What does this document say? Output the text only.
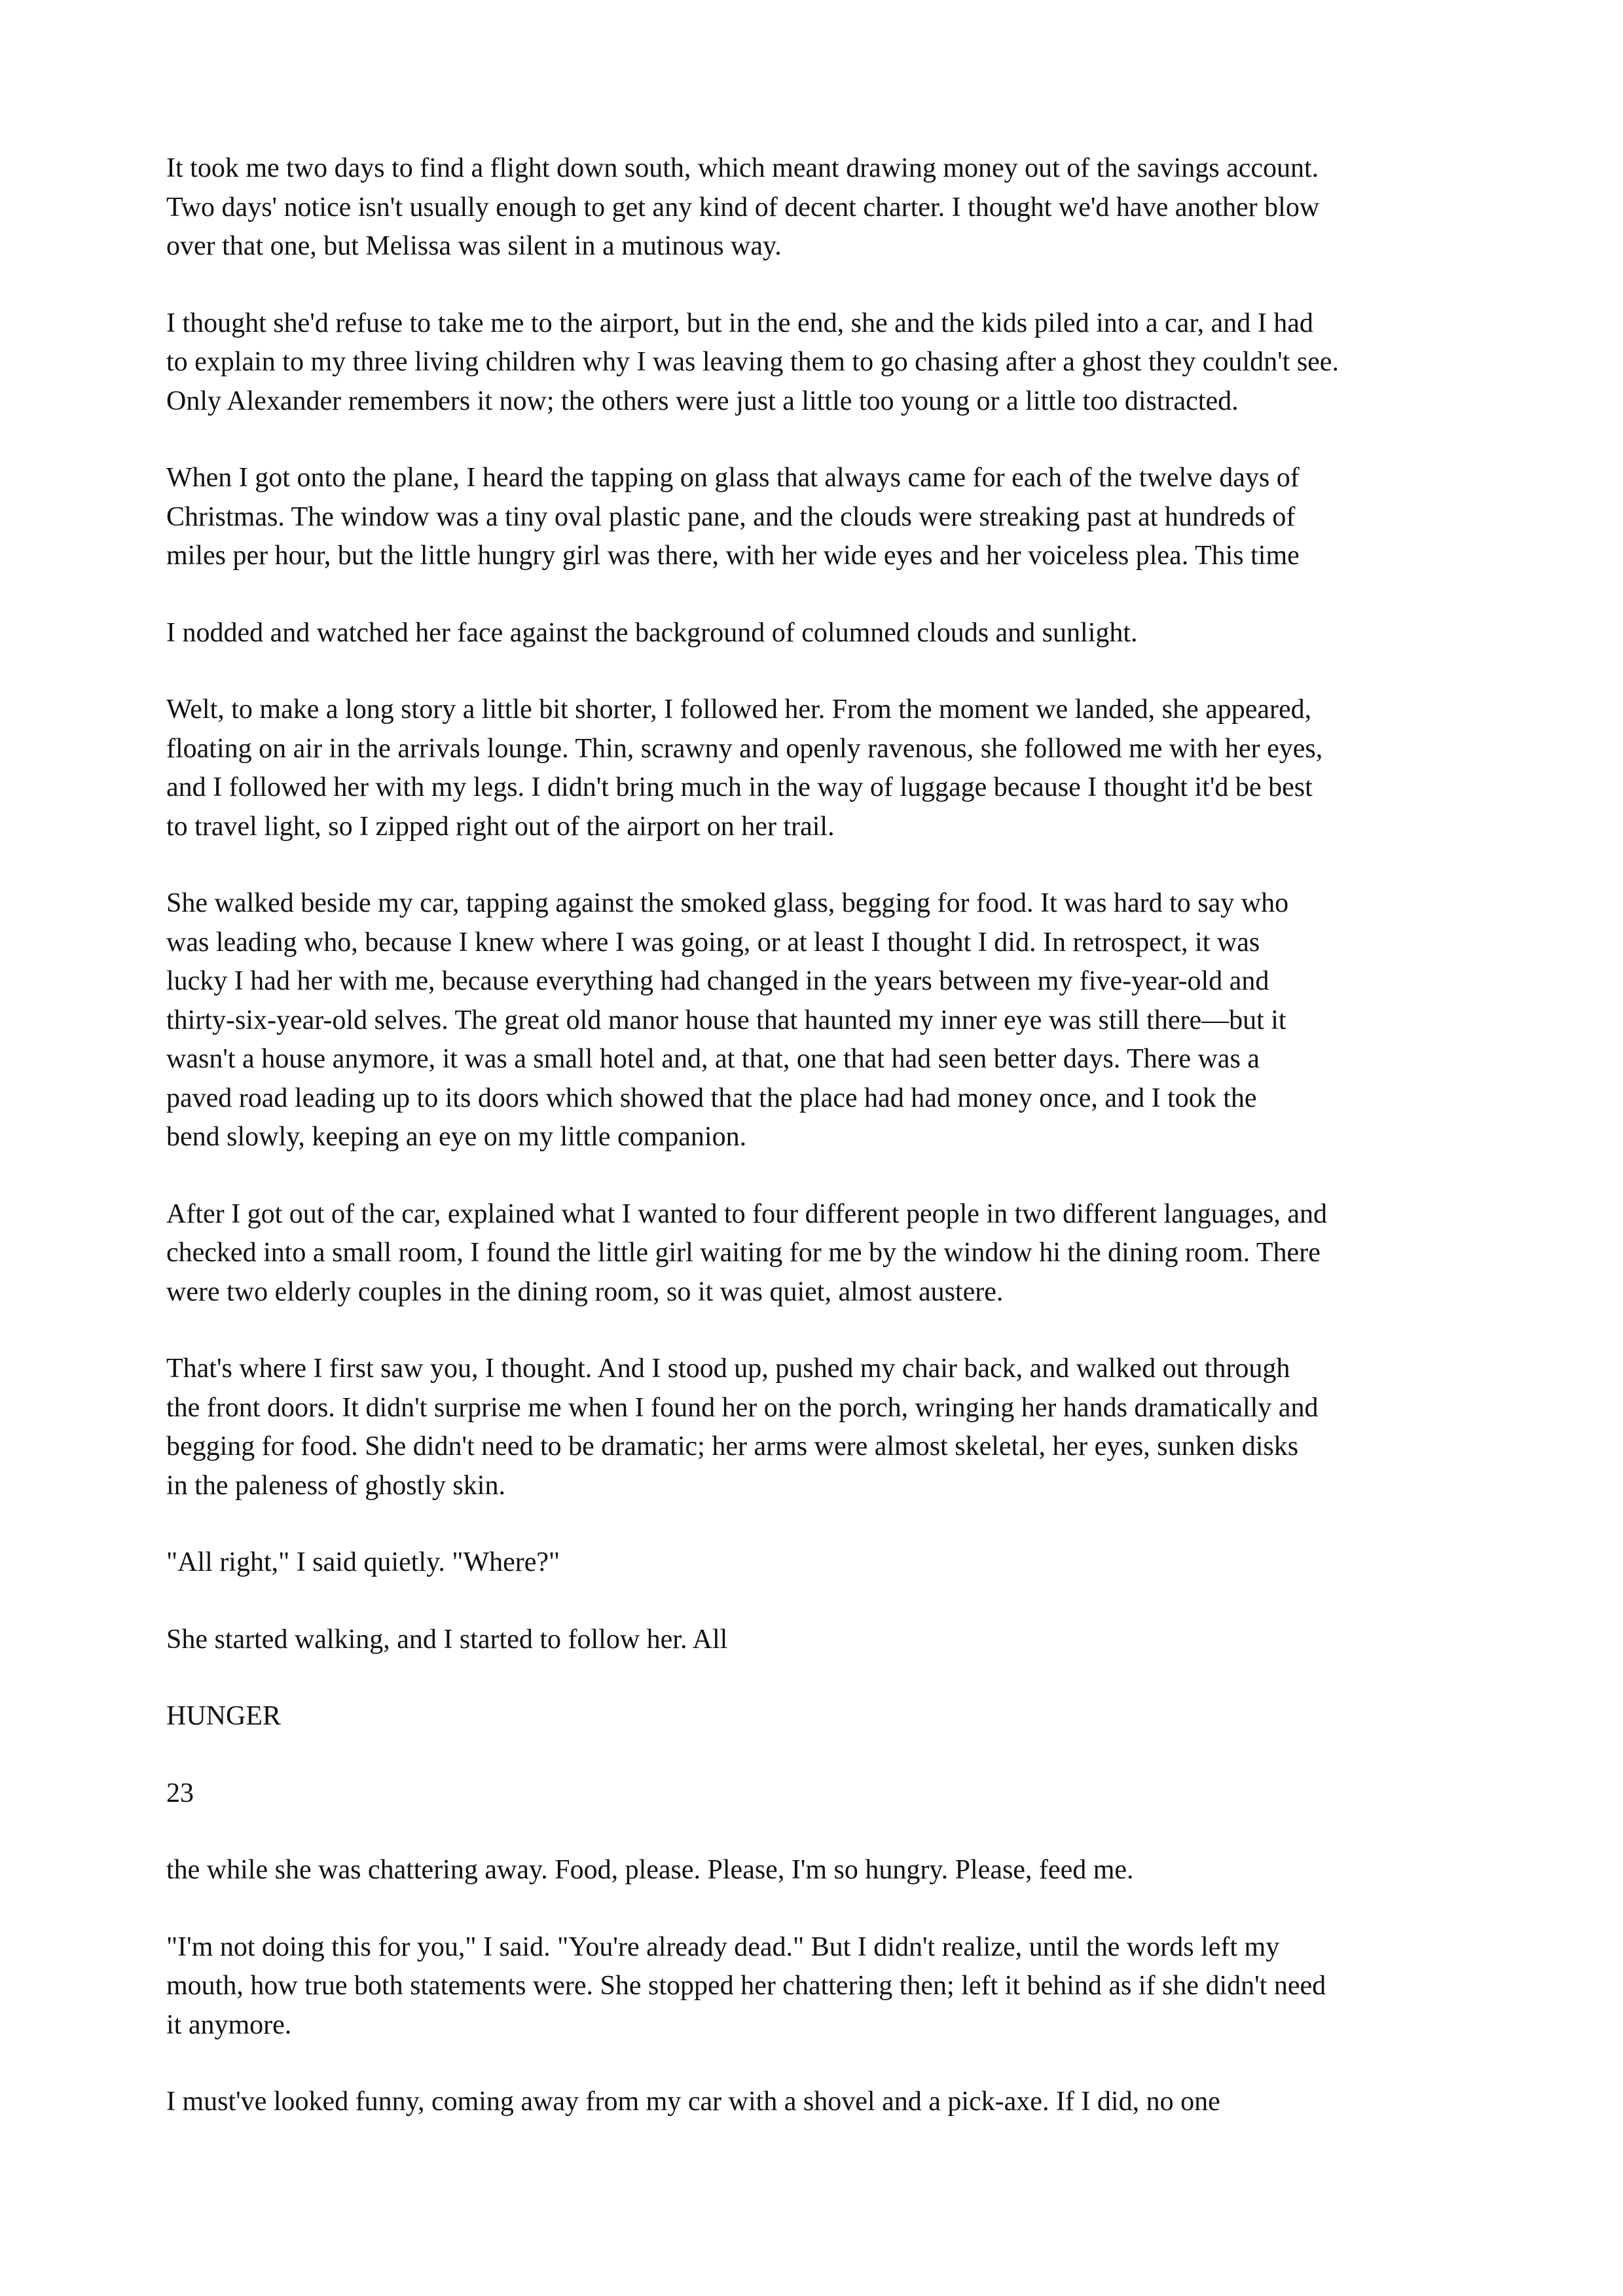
It took me two days to find a flight down south, which meant drawing money out of the savings account.
Two days' notice isn't usually enough to get any kind of decent charter. I thought we'd have another blow
over that one, but Melissa was silent in a mutinous way.

I thought she'd refuse to take me to the airport, but in the end, she and the kids piled into a car, and I had
to explain to my three living children why I was leaving them to go chasing after a ghost they couldn't see.
Only Alexander remembers it now; the others were just a little too young or a little too distracted.

When I got onto the plane, I heard the tapping on glass that always came for each of the twelve days of
Christmas. The window was a tiny oval plastic pane, and the clouds were streaking past at hundreds of
miles per hour, but the little hungry girl was there, with her wide eyes and her voiceless plea. This time

I nodded and watched her face against the background of columned clouds and sunlight.

Welt, to make a long story a little bit shorter, I followed her. From the moment we landed, she appeared,
floating on air in the arrivals lounge. Thin, scrawny and openly ravenous, she followed me with her eyes,
and I followed her with my legs. I didn't bring much in the way of luggage because I thought it'd be best
to travel light, so I zipped right out of the airport on her trail.

She walked beside my car, tapping against the smoked glass, begging for food. It was hard to say who
was leading who, because I knew where I was going, or at least I thought I did. In retrospect, it was
lucky I had her with me, because everything had changed in the years between my five-year-old and
thirty-six-year-old selves. The great old manor house that haunted my inner eye was still there—but it
wasn't a house anymore, it was a small hotel and, at that, one that had seen better days. There was a
paved road leading up to its doors which showed that the place had had money once, and I took the
bend slowly, keeping an eye on my little companion.

After I got out of the car, explained what I wanted to four different people in two different languages, and
checked into a small room, I found the little girl waiting for me by the window hi the dining room. There
were two elderly couples in the dining room, so it was quiet, almost austere.

That's where I first saw you, I thought. And I stood up, pushed my chair back, and walked out through
the front doors. It didn't surprise me when I found her on the porch, wringing her hands dramatically and
begging for food. She didn't need to be dramatic; her arms were almost skeletal, her eyes, sunken disks
in the paleness of ghostly skin.

"All right," I said quietly. "Where?"

She started walking, and I started to follow her. All

HUNGER

23

the while she was chattering away. Food, please. Please, I'm so hungry. Please, feed me.

"I'm not doing this for you," I said. "You're already dead." But I didn't realize, until the words left my
mouth, how true both statements were. She stopped her chattering then; left it behind as if she didn't need
it anymore.

I must've looked funny, coming away from my car with a shovel and a pick-axe. If I did, no one
